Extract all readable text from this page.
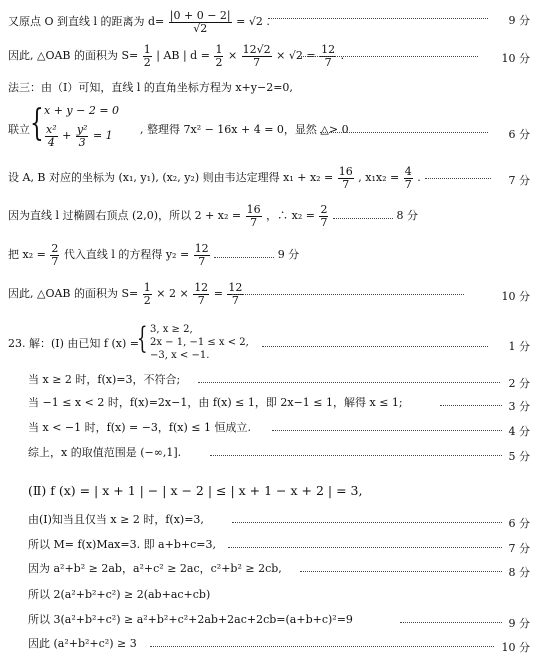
又原点 O 到直线 l 的距离为 $d= \frac{|0 + 0 - 2|}{√2} = √2$ .	9 分
因此, △OAB 的面积为 $S= \frac{1}{2}$ | AB | $d = \frac{1}{2} \times \frac{12√2}{7} \times √2 = \frac{12}{7}$ .	10 分
法三：由（Ⅰ）可知，直线 l 的直角坐标方程为 x+y−2=0,
联立 { x + y − 2 = 0
$\frac{\text{x²}}{4} + \frac{\text{y²}}{3} = 1$ , 整理得 7x² − 16x + 4 = 0，显然 △> 0	6 分
设 A, B 对应的坐标为 (x₁, y₁), (x₂, y₂) 则由韦达定理得 $x_1 + x_2 = \frac{16}{7}$ , $x_1x_2 = \frac{4}{7}$ .	7 分
因为直线 l 过椭圆右顶点 (2,0)，所以 $2 + x_2 = \frac{16}{7}$ ，∴ $x_2 = \frac{2}{7}$	8 分
把 $x_2 = \frac{2}{7}$ 代入直线 l 的方程得 $y_2 = \frac{12}{7}$	9 分
因此, △OAB 的面积为 $S= \frac{1}{2} \times 2 \times \frac{12}{7} = \frac{12}{7}$	10 分
23. 解：(Ⅰ) 由已知 f (x) =
{ 3, x ≥ 2,
2x − 1, −1 ≤ x < 2,
−3, x < −1.
1 分
当 x ≥ 2 时，f(x)=3，不符合;	2 分
当 −1 ≤ x < 2 时，f(x)=2x−1，由 f(x) ≤ 1，即 2x−1 ≤ 1，解得 x ≤ 1;	3 分
当 x < −1 时，f(x) = −3，f(x) ≤ 1 恒成立.	4 分
综上，x 的取值范围是 (−∞,1].	5 分
(Ⅱ) f (x) = | x + 1 | − | x − 2 | ≤ | x + 1 − x + 2 | = 3,
由(Ⅰ)知当且仅当 x ≥ 2 时，f(x)=3,	6 分
所以 M= f(x)Max=3. 即 a+b+c=3,	7 分
因为 a²+b² ≥ 2ab，a²+c² ≥ 2ac，c²+b² ≥ 2cb,	8 分
所以 2(a²+b²+c²) ≥ 2(ab+ac+cb)
所以 3(a²+b²+c²) ≥ a²+b²+c²+2ab+2ac+2cb=(a+b+c)²=9	9 分
因此 (a²+b²+c²) ≥ 3	10 分
